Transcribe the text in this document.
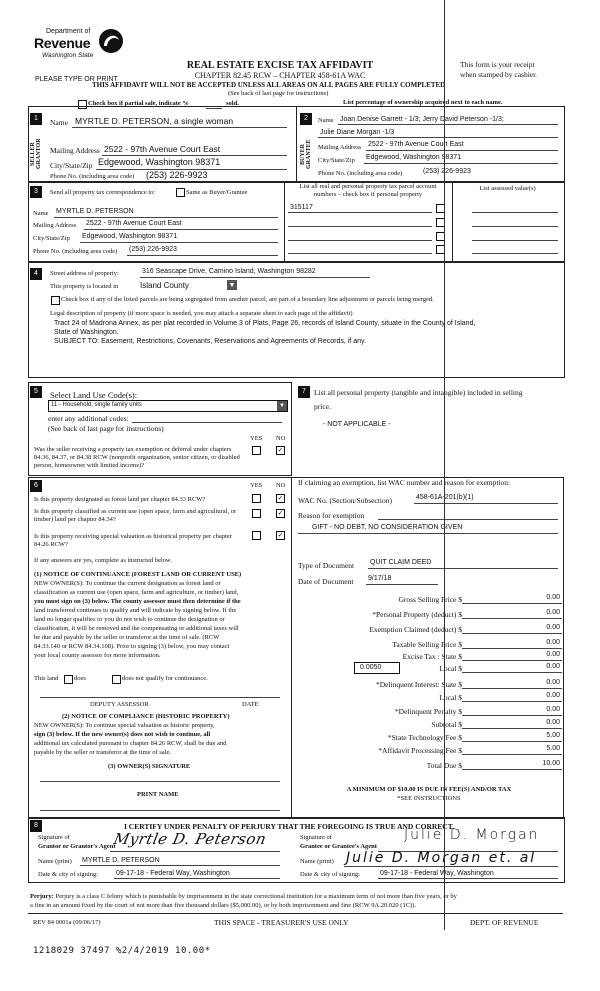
Department of
Revenue
Washington State
PLEASE TYPE OR PRINT
REAL ESTATE EXCISE TAX AFFIDAVIT
CHAPTER 82.45 RCW – CHAPTER 458-61A WAC
THIS AFFIDAVIT WILL NOT BE ACCEPTED UNLESS ALL AREAS ON ALL PAGES ARE FULLY COMPLETED
(See back of last page for instructions)
This form is your receipt
when stamped by cashier.
Check box if partial sale, indicate %	sold.	List percentage of ownership acquired next to each name.
1
SELLER GRANTOR
Name MYRTLE D. PETERSON, a single woman
Mailing Address 2522 - 97th Avenue Court East
City/State/Zip Edgewood, Washington 98371
Phone No. (including area code) (253) 226-9923
2
BUYER GRANTEE
Name Joan Denise Garrett - 1/3; Jerry David Peterson -1/3;
Julie Diane Morgan -1/3
Mailing Address 2522 - 97th Avenue Court East
City/State/Zip Edgewood, Washington 98371
Phone No. (including area code)	(253) 226-9923
3	Send all property tax correspondence to:	Same as Buyer/Grantee
Name MYRTLE D. PETERSON
Mailing Address 2522 - 97th Avenue Court East
City/State/Zip Edgewood, Washington 98371
Phone No. (including area code) (253) 226-9923
List all real and personal property tax parcel account
numbers – check box if personal property
List assessed value(s)
315117
4	Street address of property:	316 Seascape Drive, Camino Island, Washington 98282
This property is located in	Island County	▼
Check box if any of the listed parcels are being segregated from another parcel, are part of a boundary line adjustment or parcels being merged.
Legal description of property (if more space is needed, you may attach a separate sheet to each page of the affidavit)
Tract 24 of Madrona Annex, as per plat recorded in Volume 3 of Plats, Page 26, records of Island County, situate in the County of Island,
State of Washington.
SUBJECT TO: Easement, Restrictions, Covenants, Reservations and Agreements of Records, if any.
5	Select Land Use Code(s):
11 - Household, single family units	▼
enter any additional codes:
(See back of last page for instructions)
YES NO
Was the seller receiving a property tax exemption or deferral under chapters 84.36, 84.37, or 84.38 RCW (nonprofit organization, senior citizen, or disabled person, homeowner with limited income)?
✓
7	List all personal property (tangible and intangible) included in selling
price.
- NOT APPLICABLE -
6	YES NO
Is this property designated as forest land per chapter 84.33 RCW?	✓
Is this property classified as current use (open space, farm and agricultural, or timber) land per chapter 84.34?
✓
Is this property receiving special valuation as historical property per chapter 84.26 RCW?
✓
If any answers are yes, complete as instructed below.
(1) NOTICE OF CONTINUANCE (FOREST LAND OR CURRENT USE)
NEW OWNER(S): To continue the current designation as forest land or
classification as current use (open space, farm and agriculture, or timber) land,
you must sign on (3) below. The county assessor must then determine if the
land transferred continues to qualify and will indicate by signing below. If the
land no longer qualifies or you do not wish to continue the designation or
classification, it will be removed and the compensating or additional taxes will
be due and payable by the seller or transferor at the time of sale. (RCW
84.33.140 or RCW 84.34.108). Prior to signing (3) below, you may contact
your local county assessor for more information.
This land does	does not qualify for continuance.
DEPUTY ASSESSOR	DATE
(2) NOTICE OF COMPLIANCE (HISTORIC PROPERTY)
NEW OWNER(S): To continue special valuation as historic property,
sign (3) below. If the new owner(s) does not wish to continue, all
additional tax calculated pursuant to chapter 84.26 RCW, shall be due and
payable by the seller or transferor at the time of sale.
(3) OWNER(S) SIGNATURE
PRINT NAME
If claiming an exemption, list WAC number and reason for exemption:
WAC No. (Section/Subsection)	458-61A-201(b)(1)
Reason for exemption
GIFT - NO DEBT, NO CONSIDERATION GIVEN
Type of Document QUIT CLAIM DEED
Date of Document 9/17/18
Gross Selling Price $	0.00
*Personal Property (deduct) $	0.00
Exemption Claimed (deduct) $	0.00
Taxable Selling Price $	0.00
Excise Tax : State $	0.00
0.0050	Local $	0.00
*Delinquent Interest: State $	0.00
Local $	0.00
*Delinquent Penalty $	0.00
Subtotal $	0.00
*State Technology Fee $	5.00
*Affidavit Processing Fee $	5.00
Total Due $	10.00
A MINIMUM OF $10.00 IS DUE IN FEE(S) AND/OR TAX
*SEE INSTRUCTIONS
8	I CERTIFY UNDER PENALTY OF PERJURY THAT THE FOREGOING IS TRUE AND CORRECT.
Signature of
Grantor or Grantor's Agent
Myrtle D. Peterson
Name (print) MYRTLE D. PETERSON
Date & city of signing:	09-17-18 - Federal Way, Washington
Signature of
Grantee or Grantee's Agent
Julie D. Morgan
Name (print) Julie D. Morgan et. al
Date & city of signing:	09-17-18 - Federal Way, Washington
Perjury: Perjury is a class C felony which is punishable by imprisonment in the state correctional institution for a maximum term of not more than five years, or by
a fine in an amount fixed by the court of not more than five thousand dollars ($5,000.00), or by both imprisonment and fine (RCW 9A.20.020 (1C)).
REV 84 0001a (09/06/17)	THIS SPACE - TREASURER'S USE ONLY	DEPT. OF REVENUE
1218029 37497 %2/4/2019 10.00*
